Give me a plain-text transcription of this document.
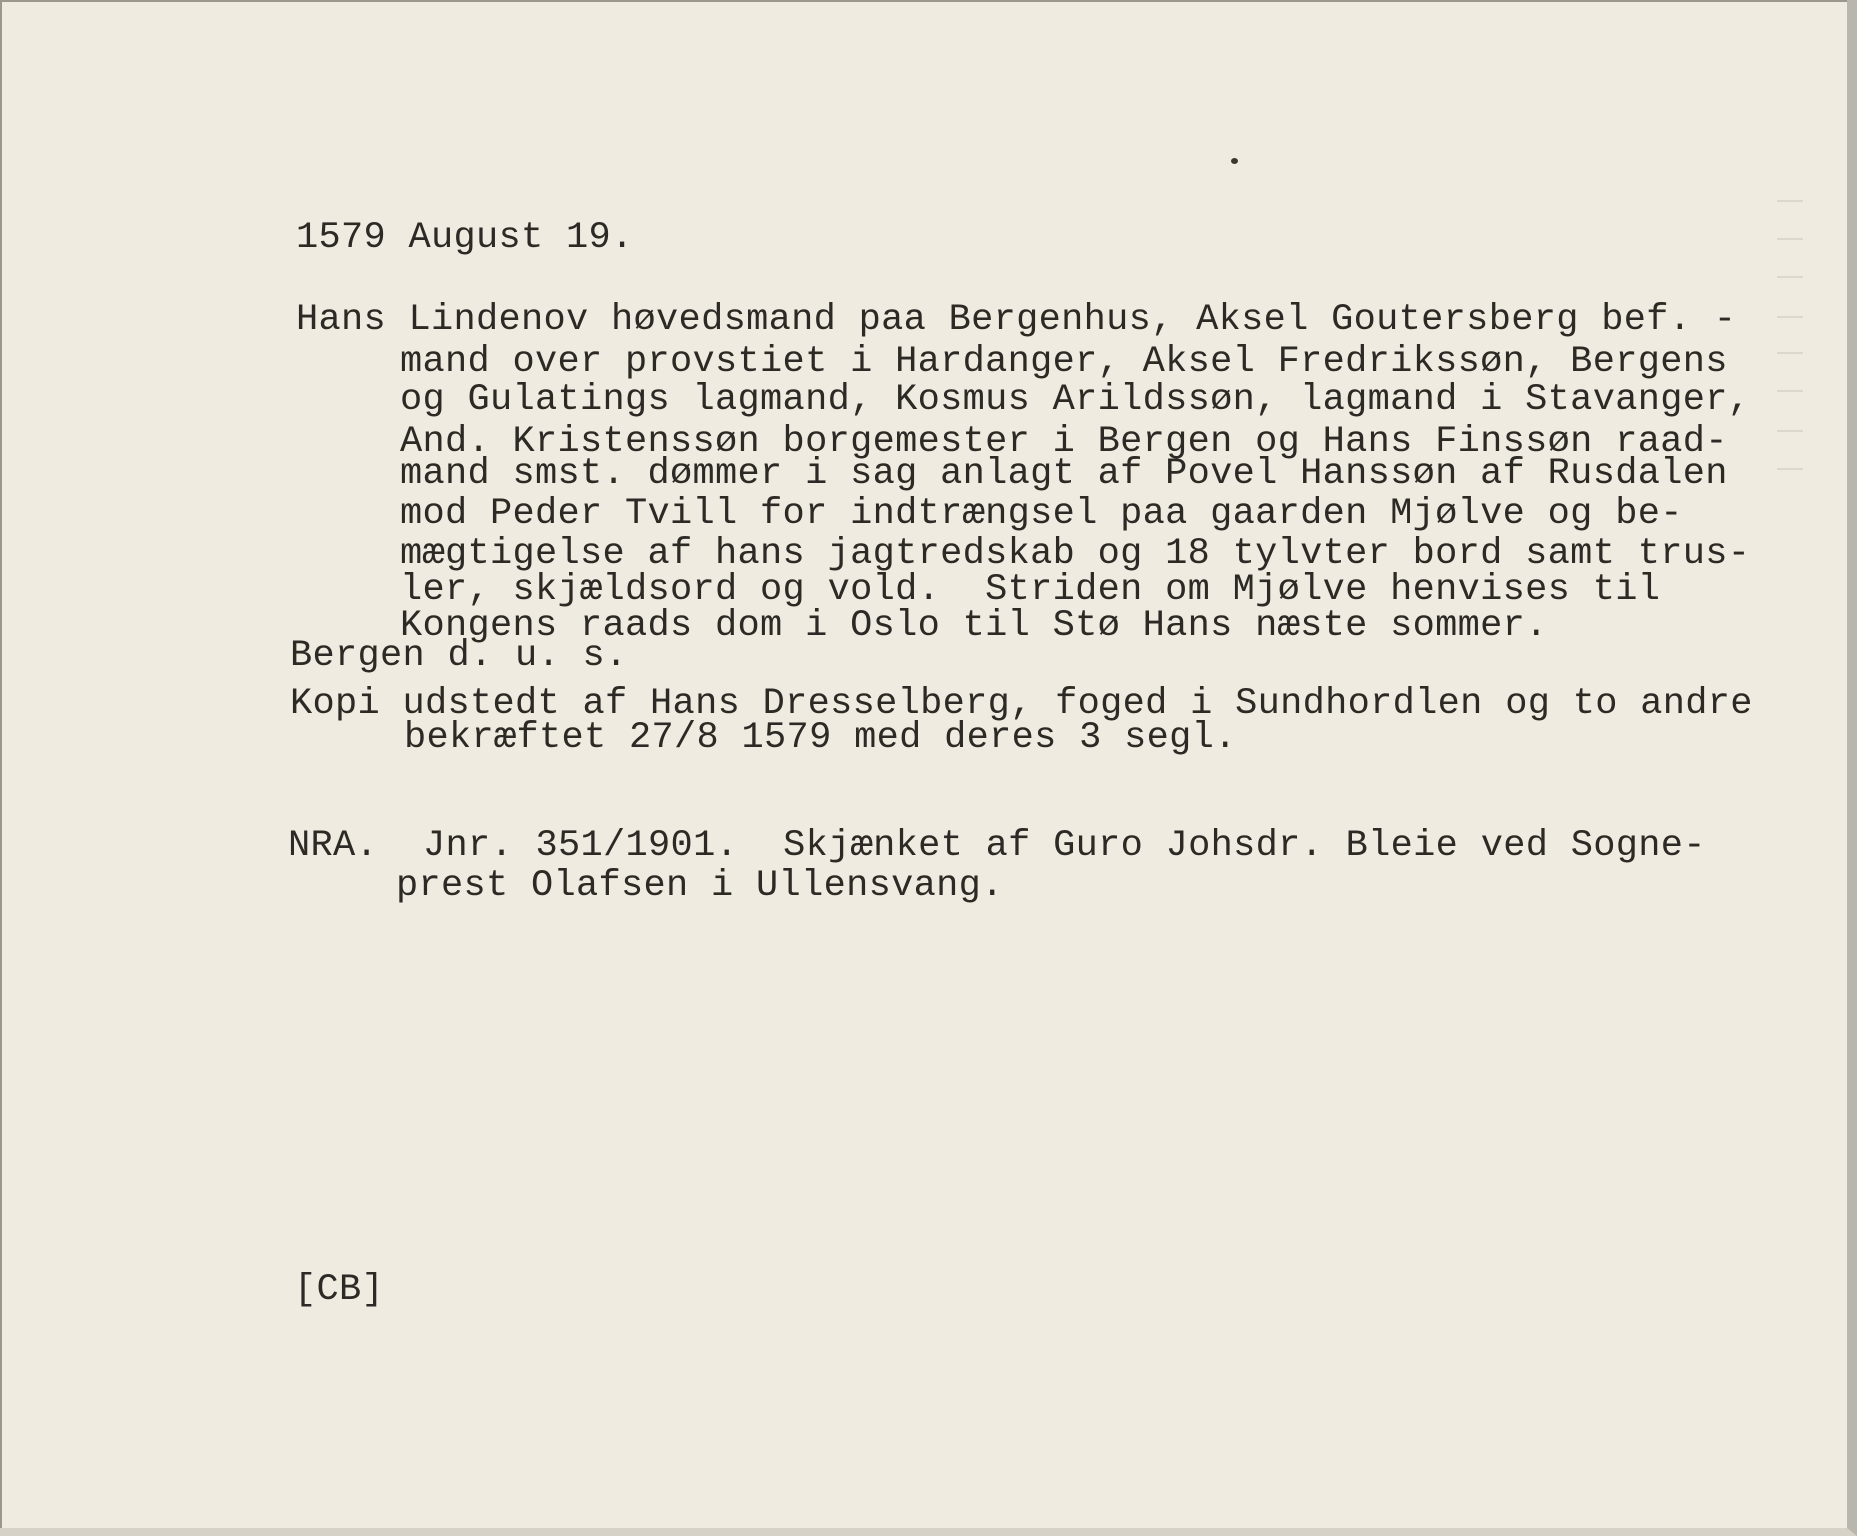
1579 August 19.
Hans Lindenov høvedsmand paa Bergenhus, Aksel Goutersberg bef. -
mand over provstiet i Hardanger, Aksel Fredrikssøn, Bergens
og Gulatings lagmand, Kosmus Arildssøn, lagmand i Stavanger,
And. Kristenssøn borgemester i Bergen og Hans Finssøn raad-
mand smst. dømmer i sag anlagt af Povel Hanssøn af Rusdalen
mod Peder Tvill for indtrængsel paa gaarden Mjølve og be-
mægtigelse af hans jagtredskab og 18 tylvter bord samt trus-
ler, skjældsord og vold.  Striden om Mjølve henvises til
Kongens raads dom i Oslo til Stø Hans næste sommer.
Bergen d. u. s.
Kopi udstedt af Hans Dresselberg, foged i Sundhordlen og to andre
bekræftet 27/8 1579 med deres 3 segl.
NRA.  Jnr. 351/1901.  Skjænket af Guro Johsdr. Bleie ved Sogne-
prest Olafsen i Ullensvang.
[CB]
